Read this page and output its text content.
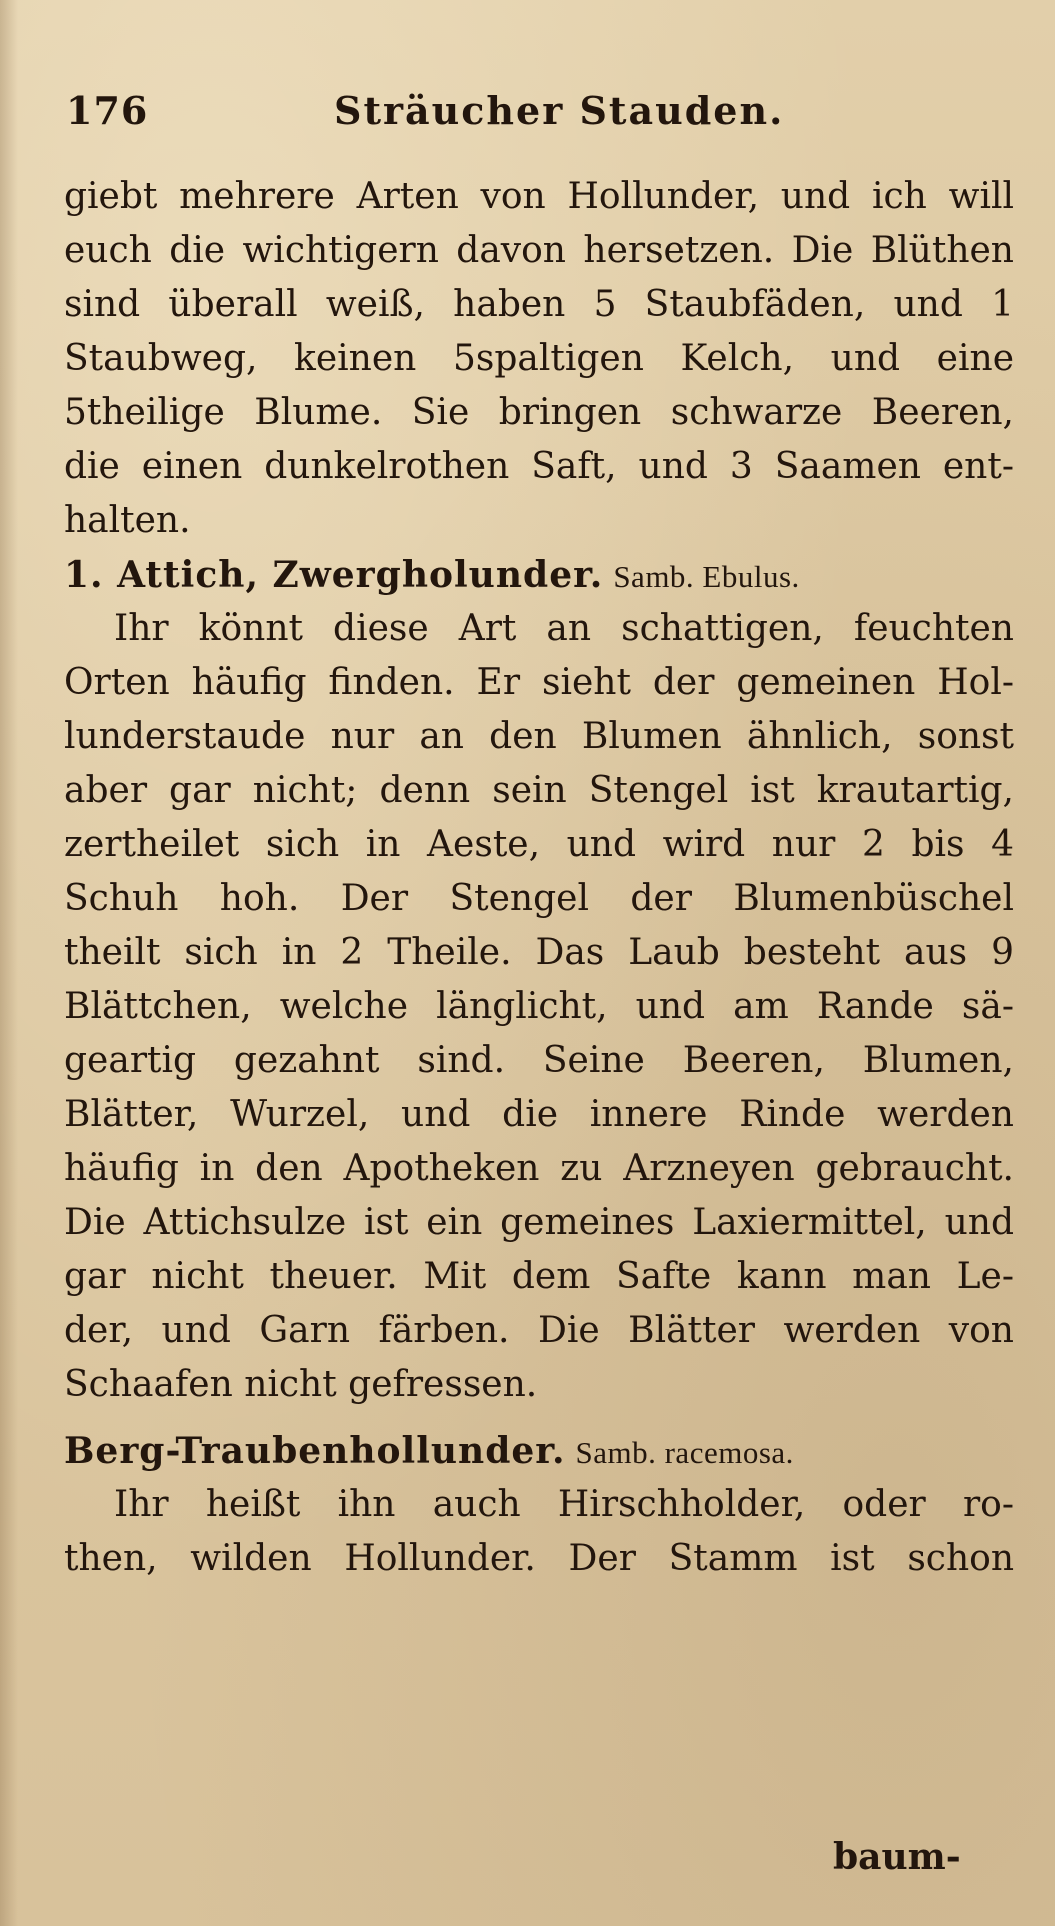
176	Sträucher Stauden.
giebt mehrere Arten von Hollunder, und ich will
euch die wichtigern davon hersetzen. Die Blüthen
sind überall weiß, haben 5 Staubfäden, und 1
Staubweg, keinen 5spaltigen Kelch, und eine
5theilige Blume. Sie bringen schwarze Beeren,
die einen dunkelrothen Saft, und 3 Saamen ent-
halten.
1. Attich, Zwergholunder. Samb. Ebulus.
Ihr könnt diese Art an schattigen, feuchten
Orten häufig finden. Er sieht der gemeinen Hol-
lunderstaude nur an den Blumen ähnlich, sonst
aber gar nicht; denn sein Stengel ist krautartig,
zertheilet sich in Aeste, und wird nur 2 bis 4
Schuh hoh. Der Stengel der Blumenbüschel
theilt sich in 2 Theile. Das Laub besteht aus 9
Blättchen, welche länglicht, und am Rande sä-
geartig gezahnt sind. Seine Beeren, Blumen,
Blätter, Wurzel, und die innere Rinde werden
häufig in den Apotheken zu Arzneyen gebraucht.
Die Attichsulze ist ein gemeines Laxiermittel, und
gar nicht theuer. Mit dem Safte kann man Le-
der, und Garn färben. Die Blätter werden von
Schaafen nicht gefressen.
Berg-Traubenhollunder. Samb. racemosa.
Ihr heißt ihn auch Hirschholder, oder ro-
then, wilden Hollunder. Der Stamm ist schon
baum-
